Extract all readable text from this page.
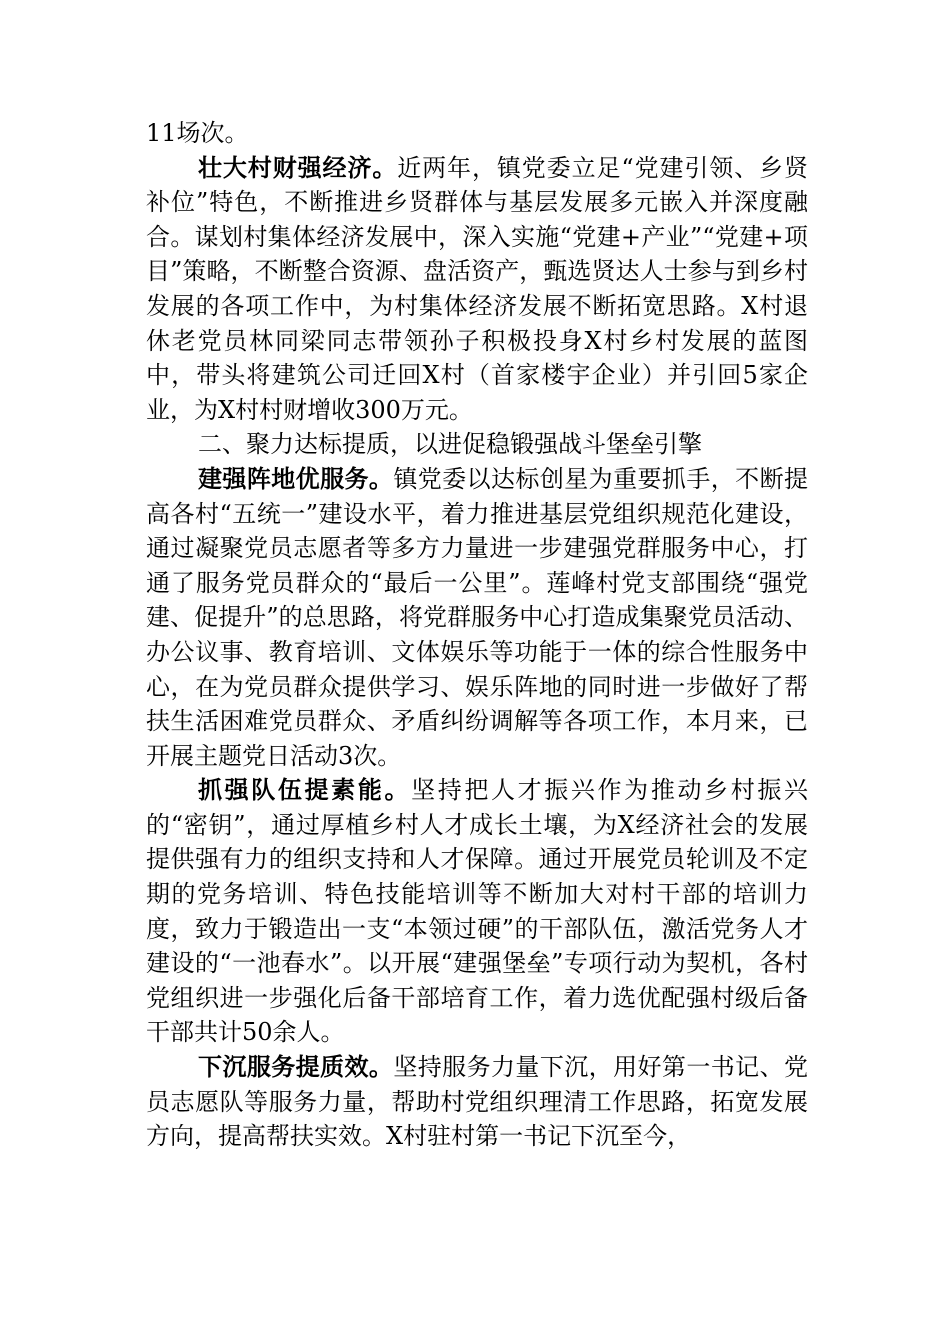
11场次。

壮大村财强经济。近两年，镇党委立足“党建引领、乡贤补位”特色，不断推进乡贤群体与基层发展多元嵌入并深度融合。谋划村集体经济发展中，深入实施“党建+产业”“党建+项目”策略，不断整合资源、盘活资产，甄选贤达人士参与到乡村发展的各项工作中，为村集体经济发展不断拓宽思路。X村退休老党员林同梁同志带领孙子积极投身X村乡村发展的蓝图中，带头将建筑公司迁回X村（首家楼宇企业）并引回5家企业，为X村村财增收300万元。

二、聚力达标提质，以进促稳锻强战斗堡垒引擎

建强阵地优服务。镇党委以达标创星为重要抓手，不断提高各村“五统一”建设水平，着力推进基层党组织规范化建设，通过凝聚党员志愿者等多方力量进一步建强党群服务中心，打通了服务党员群众的“最后一公里”。莲峰村党支部围绕“强党建、促提升”的总思路，将党群服务中心打造成集聚党员活动、办公议事、教育培训、文体娱乐等功能于一体的综合性服务中心，在为党员群众提供学习、娱乐阵地的同时进一步做好了帮扶生活困难党员群众、矛盾纠纷调解等各项工作，本月来，已开展主题党日活动3次。

抓强队伍提素能。坚持把人才振兴作为推动乡村振兴的“密钥”，通过厚植乡村人才成长土壤，为X经济社会的发展提供强有力的组织支持和人才保障。通过开展党员轮训及不定期的党务培训、特色技能培训等不断加大对村干部的培训力度，致力于锻造出一支“本领过硬”的干部队伍，激活党务人才建设的“一池春水”。以开展“建强堡垒”专项行动为契机，各村党组织进一步强化后备干部培育工作，着力选优配强村级后备干部共计50余人。

下沉服务提质效。坚持服务力量下沉，用好第一书记、党员志愿队等服务力量，帮助村党组织理清工作思路，拓宽发展方向，提高帮扶实效。X村驻村第一书记下沉至今，
